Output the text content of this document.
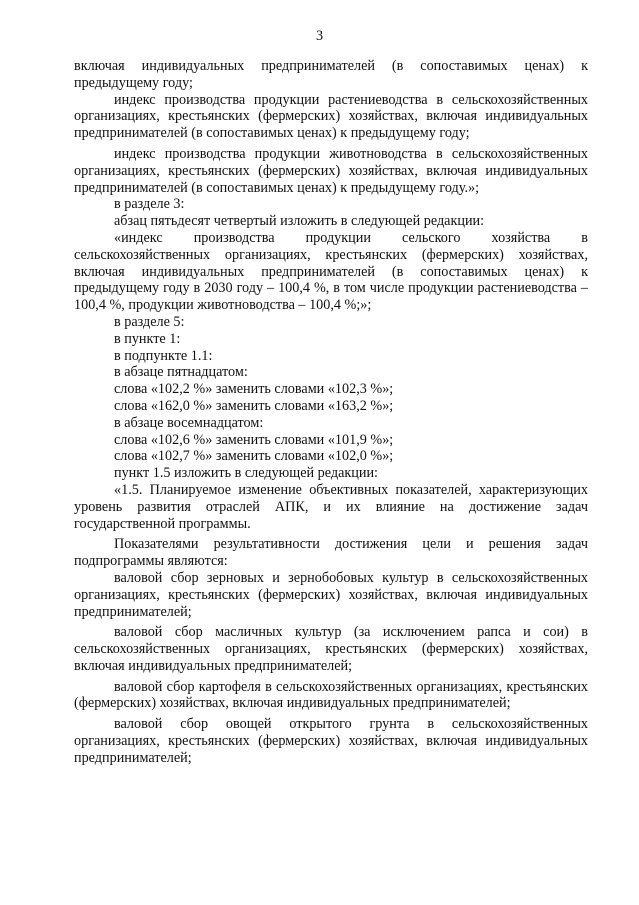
3

включая индивидуальных предпринимателей (в сопоставимых ценах) к предыдущему году;

индекс производства продукции растениеводства в сельскохозяйственных организациях, крестьянских (фермерских) хозяйствах, включая индивидуальных предпринимателей (в сопоставимых ценах) к предыдущему году;

индекс производства продукции животноводства в сельскохозяйственных организациях, крестьянских (фермерских) хозяйствах, включая индивидуальных предпринимателей (в сопоставимых ценах) к предыдущему году.»;

в разделе 3:

абзац пятьдесят четвертый изложить в следующей редакции:

«индекс производства продукции сельского хозяйства в сельскохозяйственных организациях, крестьянских (фермерских) хозяйствах, включая индивидуальных предпринимателей (в сопоставимых ценах) к предыдущему году в 2030 году – 100,4 %, в том числе продукции растениеводства – 100,4 %, продукции животноводства – 100,4 %;»;

в разделе 5:

в пункте 1:

в подпункте 1.1:

в абзаце пятнадцатом:

слова «102,2 %» заменить словами «102,3 %»;

слова «162,0 %» заменить словами «163,2 %»;

в абзаце восемнадцатом:

слова «102,6 %» заменить словами «101,9 %»;

слова «102,7 %» заменить словами «102,0 %»;

пункт 1.5 изложить в следующей редакции:

«1.5. Планируемое изменение объективных показателей, характеризующих уровень развития отраслей АПК, и их влияние на достижение задач государственной программы.

Показателями результативности достижения цели и решения задач подпрограммы являются:

валовой сбор зерновых и зернобобовых культур в сельскохозяйственных организациях, крестьянских (фермерских) хозяйствах, включая индивидуальных предпринимателей;

валовой сбор масличных культур (за исключением рапса и сои) в сельскохозяйственных организациях, крестьянских (фермерских) хозяйствах, включая индивидуальных предпринимателей;

валовой сбор картофеля в сельскохозяйственных организациях, крестьянских (фермерских) хозяйствах, включая индивидуальных предпринимателей;

валовой сбор овощей открытого грунта в сельскохозяйственных организациях, крестьянских (фермерских) хозяйствах, включая индивидуальных предпринимателей;
